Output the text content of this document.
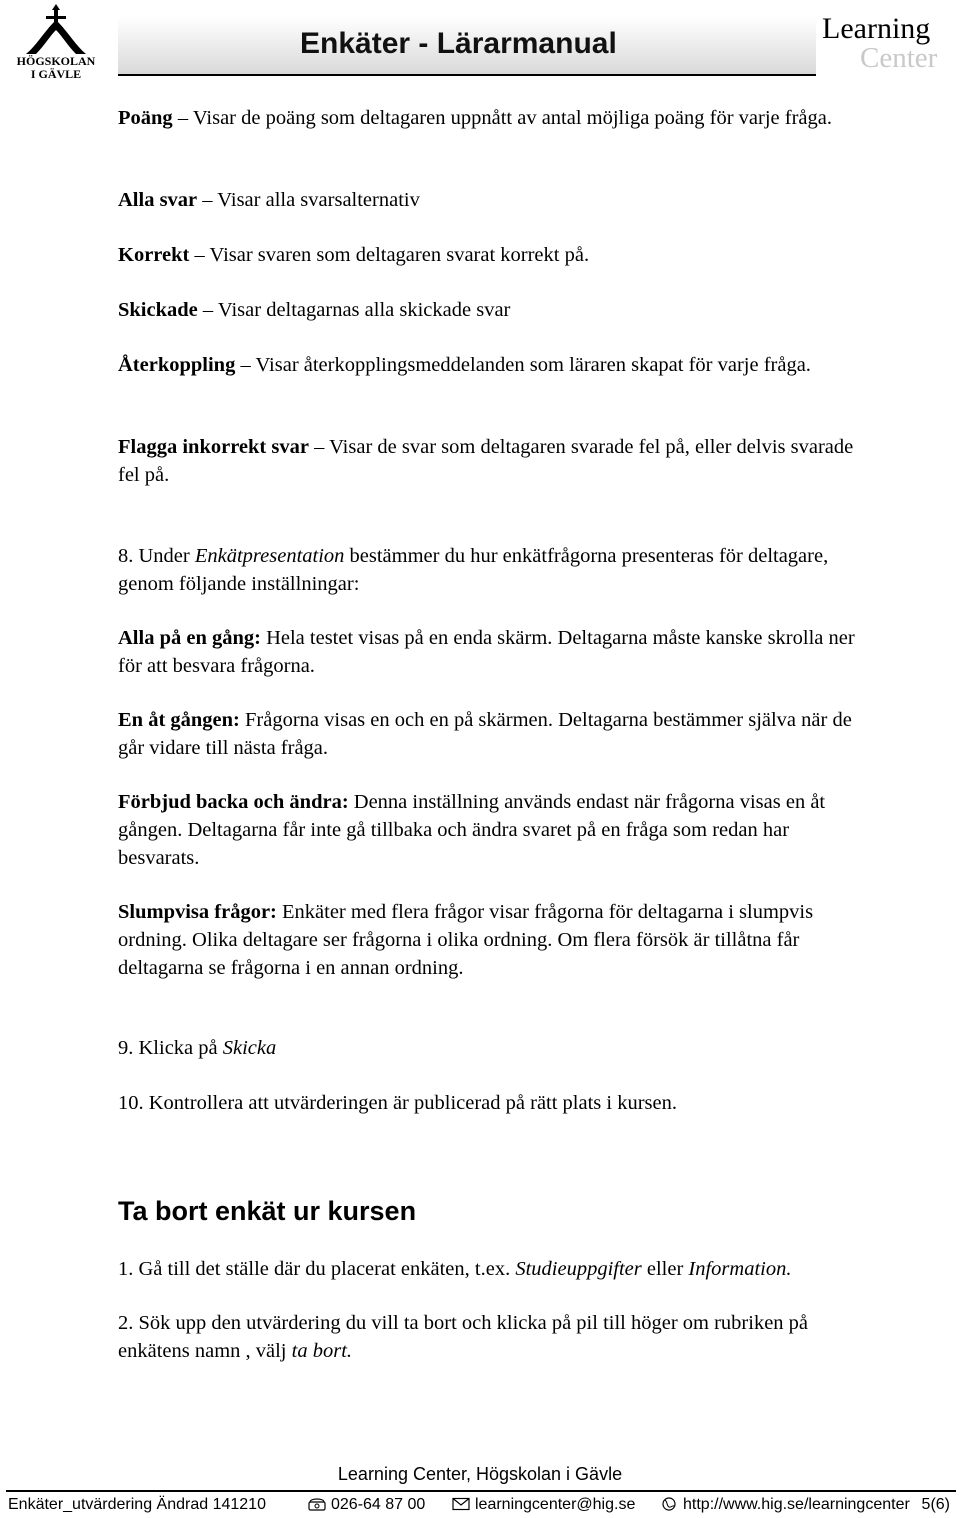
HÖGSKOLAN
I GÄVLE
Enkäter - Lärarmanual	Learning
Center

Poäng – Visar de poäng som deltagaren uppnått av antal möjliga poäng för varje fråga.

Alla svar – Visar alla svarsalternativ

Korrekt – Visar svaren som deltagaren svarat korrekt på.

Skickade – Visar deltagarnas alla skickade svar

Återkoppling – Visar återkopplingsmeddelanden som läraren skapat för varje fråga.

Flagga inkorrekt svar – Visar de svar som deltagaren svarade fel på, eller delvis svarade fel på.

8. Under Enkätpresentation bestämmer du hur enkätfrågorna presenteras för deltagare, genom följande inställningar:

Alla på en gång: Hela testet visas på en enda skärm. Deltagarna måste kanske skrolla ner för att besvara frågorna.

En åt gången: Frågorna visas en och en på skärmen. Deltagarna bestämmer själva när de går vidare till nästa fråga.

Förbjud backa och ändra: Denna inställning används endast när frågorna visas en åt gången. Deltagarna får inte gå tillbaka och ändra svaret på en fråga som redan har besvarats.

Slumpvisa frågor: Enkäter med flera frågor visar frågorna för deltagarna i slumpvis ordning. Olika deltagare ser frågorna i olika ordning. Om flera försök är tillåtna får deltagarna se frågorna i en annan ordning.

9. Klicka på Skicka

10. Kontrollera att utvärderingen är publicerad på rätt plats i kursen.

Ta bort enkät ur kursen

1. Gå till det ställe där du placerat enkäten, t.ex. Studieuppgifter eller Information.

2. Sök upp den utvärdering du vill ta bort och klicka på pil till höger om rubriken på enkätens namn , välj ta bort.

Learning Center, Högskolan i Gävle
Enkäter_utvärdering Ändrad 141210	026-64 87 00	learningcenter@hig.se	http://www.hig.se/learningcenter 5(6)
